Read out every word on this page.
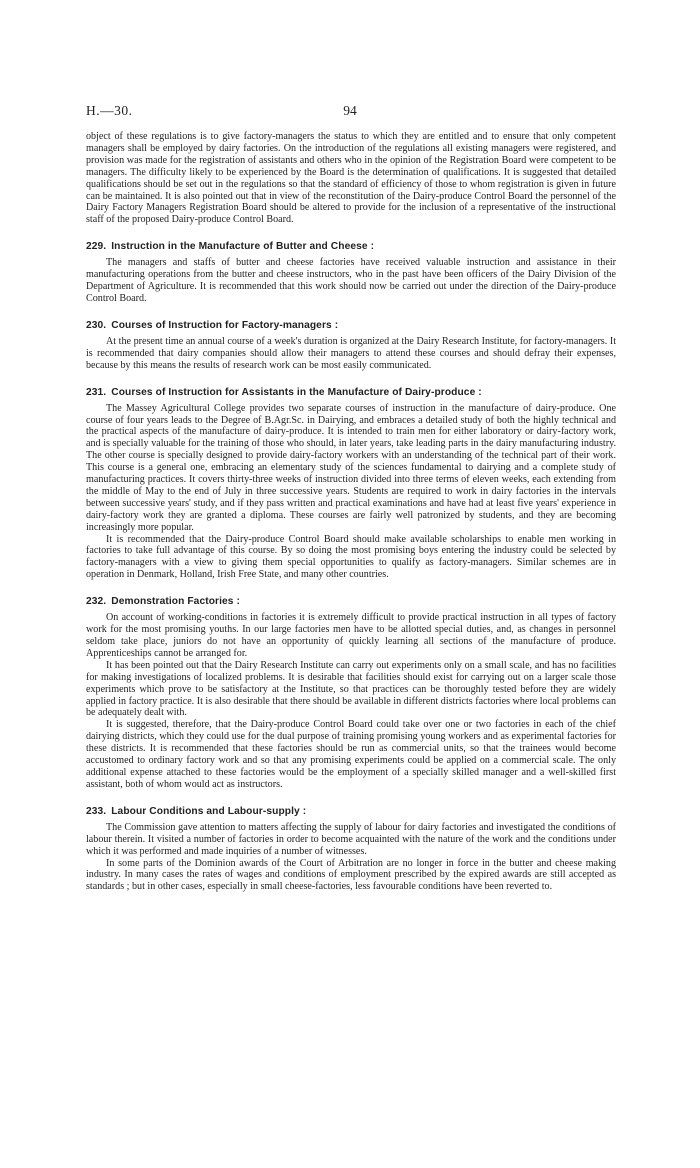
H.—30.	94

object of these regulations is to give factory-managers the status to which they are entitled and to ensure that only competent managers shall be employed by dairy factories. On the introduction of the regulations all existing managers were registered, and provision was made for the registration of assistants and others who in the opinion of the Registration Board were competent to be managers. The difficulty likely to be experienced by the Board is the determination of qualifications. It is suggested that detailed qualifications should be set out in the regulations so that the standard of efficiency of those to whom registration is given in future can be maintained. It is also pointed out that in view of the reconstitution of the Dairy-produce Control Board the personnel of the Dairy Factory Managers Registration Board should be altered to provide for the inclusion of a representative of the instructional staff of the proposed Dairy-produce Control Board.

229. Instruction in the Manufacture of Butter and Cheese :

The managers and staffs of butter and cheese factories have received valuable instruction and assistance in their manufacturing operations from the butter and cheese instructors, who in the past have been officers of the Dairy Division of the Department of Agriculture. It is recommended that this work should now be carried out under the direction of the Dairy-produce Control Board.

230. Courses of Instruction for Factory-managers :

At the present time an annual course of a week's duration is organized at the Dairy Research Institute, for factory-managers. It is recommended that dairy companies should allow their managers to attend these courses and should defray their expenses, because by this means the results of research work can be most easily communicated.

231. Courses of Instruction for Assistants in the Manufacture of Dairy-produce :

The Massey Agricultural College provides two separate courses of instruction in the manufacture of dairy-produce. One course of four years leads to the Degree of B.Agr.Sc. in Dairying, and embraces a detailed study of both the highly technical and the practical aspects of the manufacture of dairy-produce. It is intended to train men for either laboratory or dairy-factory work, and is specially valuable for the training of those who should, in later years, take leading parts in the dairy manufacturing industry. The other course is specially designed to provide dairy-factory workers with an understanding of the technical part of their work. This course is a general one, embracing an elementary study of the sciences fundamental to dairying and a complete study of manufacturing practices. It covers thirty-three weeks of instruction divided into three terms of eleven weeks, each extending from the middle of May to the end of July in three successive years. Students are required to work in dairy factories in the intervals between successive years' study, and if they pass written and practical examinations and have had at least five years' experience in dairy-factory work they are granted a diploma. These courses are fairly well patronized by students, and they are becoming increasingly more popular.

It is recommended that the Dairy-produce Control Board should make available scholarships to enable men working in factories to take full advantage of this course. By so doing the most promising boys entering the industry could be selected by factory-managers with a view to giving them special opportunities to qualify as factory-managers. Similar schemes are in operation in Denmark, Holland, Irish Free State, and many other countries.

232. Demonstration Factories :

On account of working-conditions in factories it is extremely difficult to provide practical instruction in all types of factory work for the most promising youths. In our large factories men have to be allotted special duties, and, as changes in personnel seldom take place, juniors do not have an opportunity of quickly learning all sections of the manufacture of produce. Apprenticeships cannot be arranged for.

It has been pointed out that the Dairy Research Institute can carry out experiments only on a small scale, and has no facilities for making investigations of localized problems. It is desirable that facilities should exist for carrying out on a larger scale those experiments which prove to be satisfactory at the Institute, so that practices can be thoroughly tested before they are widely applied in factory practice. It is also desirable that there should be available in different districts factories where local problems can be adequately dealt with.

It is suggested, therefore, that the Dairy-produce Control Board could take over one or two factories in each of the chief dairying districts, which they could use for the dual purpose of training promising young workers and as experimental factories for these districts. It is recommended that these factories should be run as commercial units, so that the trainees would become accustomed to ordinary factory work and so that any promising experiments could be applied on a commercial scale. The only additional expense attached to these factories would be the employment of a specially skilled manager and a well-skilled first assistant, both of whom would act as instructors.

233. Labour Conditions and Labour-supply :

The Commission gave attention to matters affecting the supply of labour for dairy factories and investigated the conditions of labour therein. It visited a number of factories in order to become acquainted with the nature of the work and the conditions under which it was performed and made inquiries of a number of witnesses.

In some parts of the Dominion awards of the Court of Arbitration are no longer in force in the butter and cheese making industry. In many cases the rates of wages and conditions of employment prescribed by the expired awards are still accepted as standards ; but in other cases, especially in small cheese-factories, less favourable conditions have been reverted to.
